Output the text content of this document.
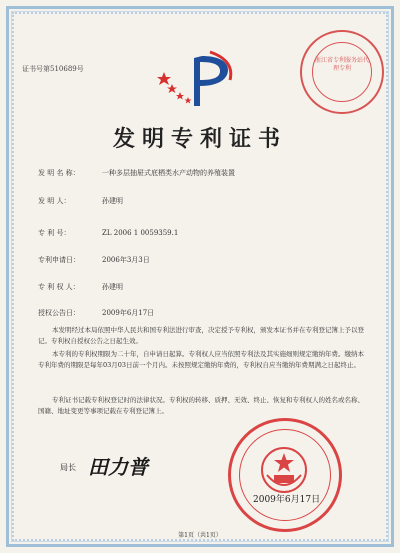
证书号第510689号
浙江省专利服务站代理专利
发明专利证书
发 明 名 称：	一种多层抽屉式底栖类水产动物的养殖装置
发 明 人：	孙建明
专 利 号：	ZL 2006 1 0059359.1
专利申请日：	2006年3月3日
专 利 权 人：	孙建明
授权公告日：	2009年6月17日
本发明经过本局依照中华人民共和国专利法进行审查，决定授予专利权，颁发本证书并在专利登记簿上予以登记。专利权自授权公告之日起生效。
本专利的专利权期限为二十年，自申请日起算。专利权人应当依照专利法及其实施细则规定缴纳年费。缴纳本专利年费的期限是每年03月03日前一个月内。未按照规定缴纳年费的，专利权自应当缴纳年费期满之日起终止。
专利证书记载专利权登记时的法律状况。专利权的转移、质押、无效、终止、恢复和专利权人的姓名或名称、国籍、地址变更等事项记载在专利登记簿上。
局长 田力普
2009年6月17日
第1页（共1页）
